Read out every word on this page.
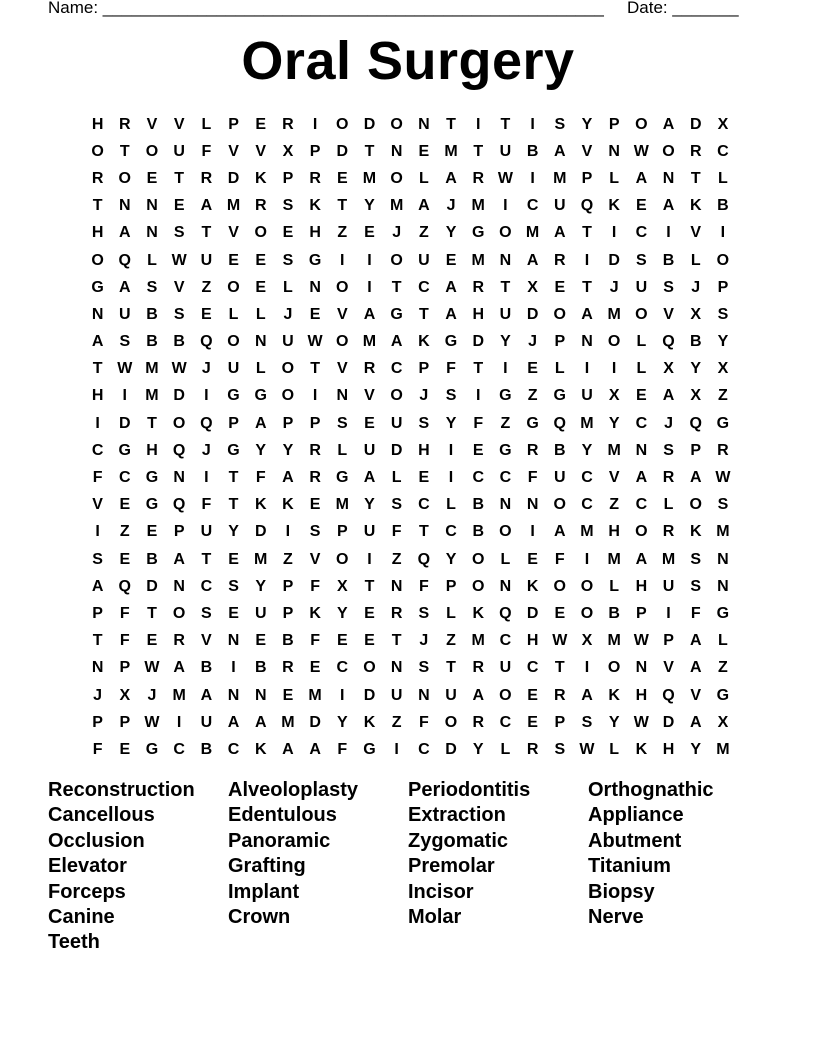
Name: _____________________________________________________ Date: _______
Oral Surgery
H R	V	V	L	P	E	R	I	O D O N	T	I	T	I	S	Y	P O A D	X
O	T	O U	F	V	V	X	P	D	T	N	E M T	U B A	V	N W O R C
R O E	T	R D K	P	R	E M O	L	A R W	I	M P	L	A N	T	L
T	N N	E	A M R	S	K	T	Y M A	J	M	I	C U Q K	E	A K B
H A N	S	T	V O E	H	Z	E	J	Z	Y G O M A	T	I	C	I	V	I
O Q	L W U	E	E	S G	I	I	O U	E M N A R	I	D	S	B	L	O
G A	S	V	Z	O E	L	N O	I	T	C A R	T	X	E	T	J	U	S	J	P
N U B	S	E	L	L	J	E	V	A G	T	A H U D O A M O V	X	S
A	S	B B Q O N U W O M A K G D	Y	J	P	N O	L	Q B	Y
T W M W J	U	L	O	T	V	R C	P	F	T	I	E	L	I	I	L	X	Y	X
H	I	M D	I	G G O	I	N	V O	J	S	I	G	Z	G U	X	E	A	X	Z
I	D	T	O Q P	A	P	P	S	E	U	S	Y	F	Z	G Q M Y	C	J	Q G
C G H Q	J	G Y	Y	R	L	U D H	I	E G R B	Y M N	S	P	R
F	C G N	I	T	F	A R G A	L	E	I	C C	F	U C	V	A R A W
V	E G Q	F	T	K K	E M Y	S	C	L	B N N O C	Z	C	L	O S
I	Z	E	P	U	Y	D	I	S	P	U	F	T	C B O	I	A M H O R K M
S	E	B A	T	E M Z	V O	I	Z	Q Y O	L	E	F	I	M A M S	N
A Q D N C	S	Y	P	F	X	T	N	F	P O N K O O	L	H U	S	N
P	F	T	O S	E	U	P	K	Y	E	R	S	L	K Q D	E O B	P	I	F	G
T	F	E	R	V	N	E	B	F	E	E	T	J	Z M C H W X M W P	A	L
N	P W A B	I	B R	E	C O N	S	T	R U C	T	I	O N	V	A	Z
J	X	J	M A N N	E M	I	D U N U A O E	R A K H Q V G
P	P W	I	U A A M D	Y	K	Z	F	O R C	E	P	S	Y W D A	X
F	E G C B C K A A	F	G	I	C D	Y	L	R	S W L	K H	Y M
Reconstruction	Alveoloplasty	Periodontitis	Orthognathic
Cancellous	Edentulous	Extraction	Appliance
Occlusion	Panoramic	Zygomatic	Abutment
Elevator	Grafting	Premolar	Titanium
Forceps	Implant	Incisor	Biopsy
Canine	Crown	Molar	Nerve
Teeth
